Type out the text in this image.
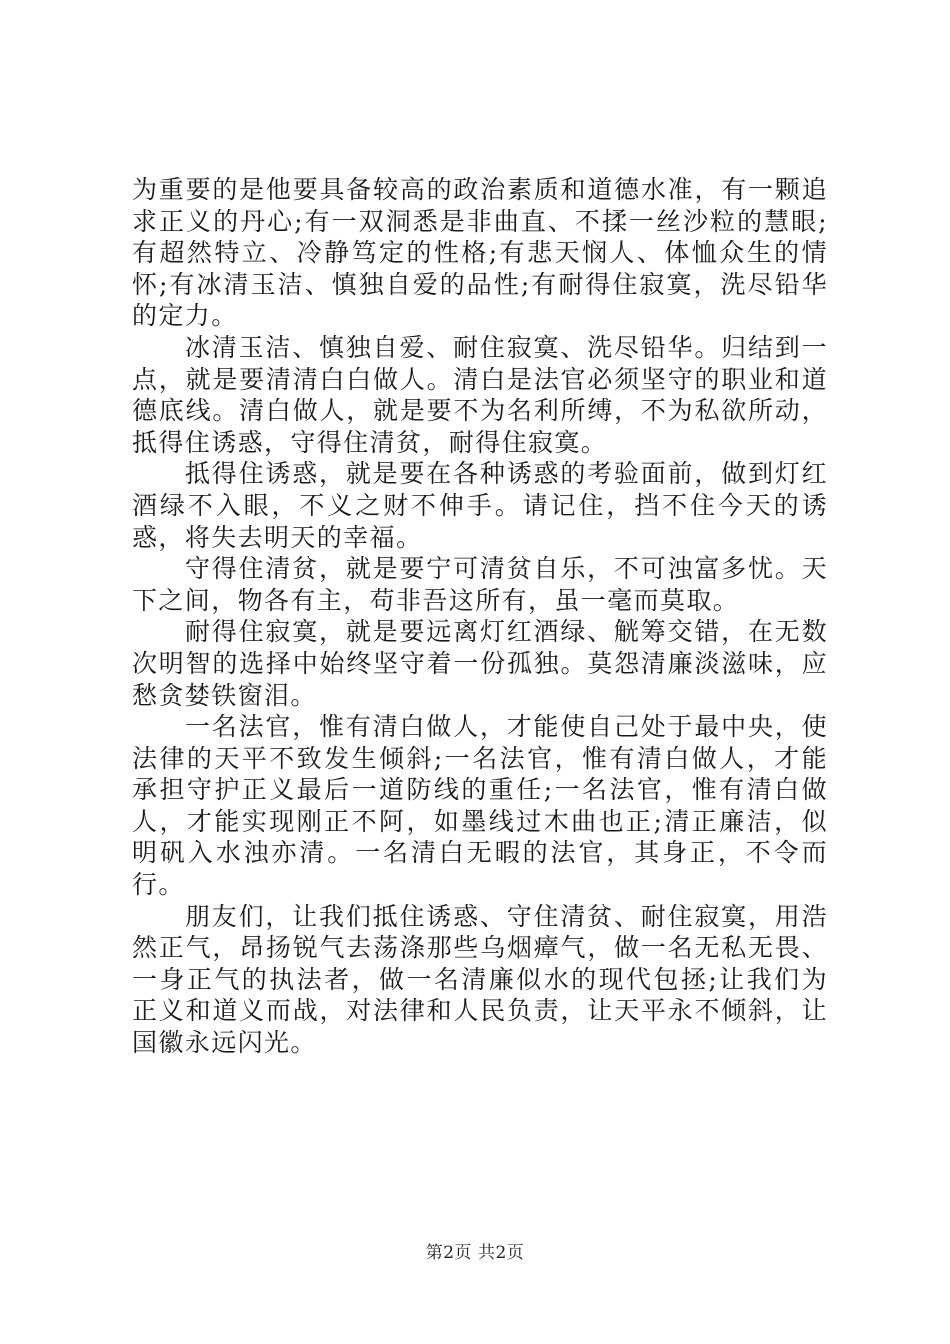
为重要的是他要具备较高的政治素质和道德水准，有一颗追求正义的丹心;有一双洞悉是非曲直、不揉一丝沙粒的慧眼;有超然特立、冷静笃定的性格;有悲天悯人、体恤众生的情怀;有冰清玉洁、慎独自爱的品性;有耐得住寂寞，洗尽铅华的定力。

冰清玉洁、慎独自爱、耐住寂寞、洗尽铅华。归结到一点，就是要清清白白做人。清白是法官必须坚守的职业和道德底线。清白做人，就是要不为名利所缚，不为私欲所动，抵得住诱惑，守得住清贫，耐得住寂寞。

抵得住诱惑，就是要在各种诱惑的考验面前，做到灯红酒绿不入眼，不义之财不伸手。请记住，挡不住今天的诱惑，将失去明天的幸福。

守得住清贫，就是要宁可清贫自乐，不可浊富多忧。天下之间，物各有主，苟非吾这所有，虽一毫而莫取。

耐得住寂寞，就是要远离灯红酒绿、觥筹交错，在无数次明智的选择中始终坚守着一份孤独。莫怨清廉淡滋味，应愁贪婪铁窗泪。

一名法官，惟有清白做人，才能使自己处于最中央，使法律的天平不致发生倾斜;一名法官，惟有清白做人，才能承担守护正义最后一道防线的重任;一名法官，惟有清白做人，才能实现刚正不阿，如墨线过木曲也正;清正廉洁，似明矾入水浊亦清。一名清白无暇的法官，其身正，不令而行。

朋友们，让我们抵住诱惑、守住清贫、耐住寂寞，用浩然正气，昂扬锐气去荡涤那些乌烟瘴气，做一名无私无畏、一身正气的执法者，做一名清廉似水的现代包拯;让我们为正义和道义而战，对法律和人民负责，让天平永不倾斜，让国徽永远闪光。

第2页 共2页
